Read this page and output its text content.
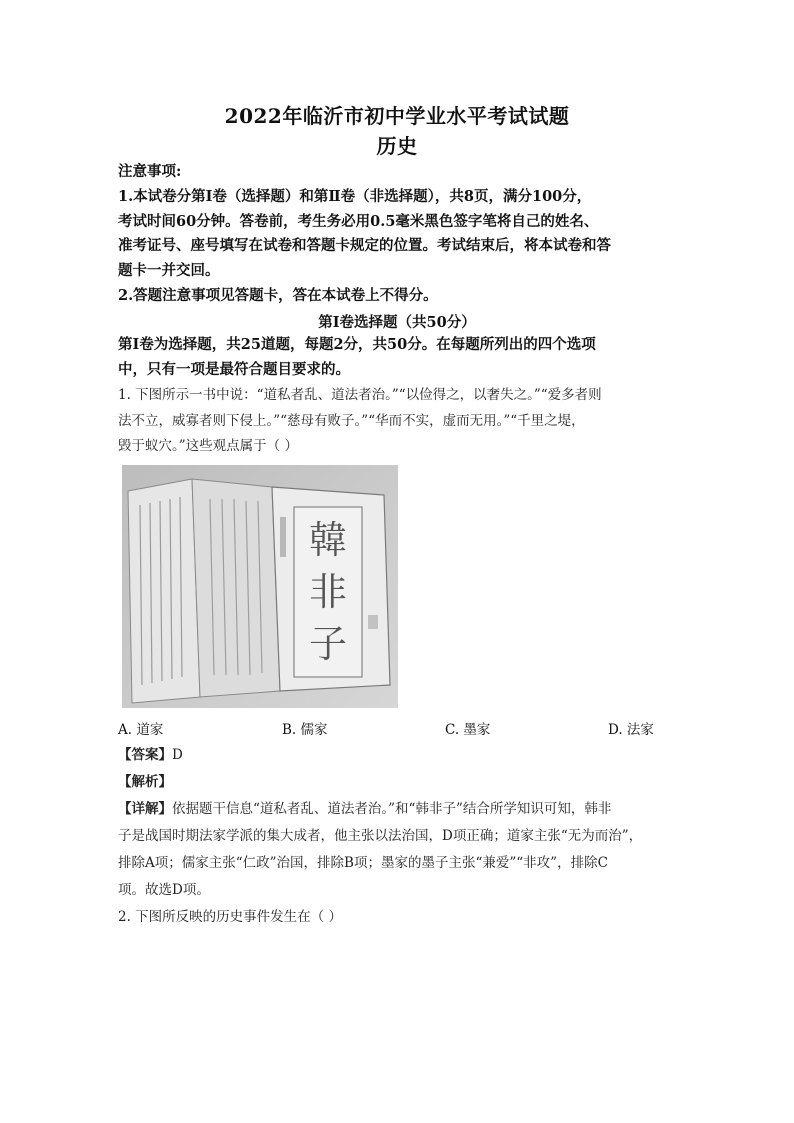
2022年临沂市初中学业水平考试试题
历史
注意事项:
1.本试卷分第Ⅰ卷（选择题）和第Ⅱ卷（非选择题），共8页，满分100分，
考试时间60分钟。答卷前，考生务必用0.5毫米黑色签字笔将自己的姓名、
准考证号、座号填写在试卷和答题卡规定的位置。考试结束后，将本试卷和答
题卡一并交回。
2.答题注意事项见答题卡，答在本试卷上不得分。
第Ⅰ卷选择题（共50分）
第Ⅰ卷为选择题，共25道题，每题2分，共50分。在每题所列出的四个选项
中，只有一项是最符合题目要求的。
1. 下图所示一书中说：“道私者乱、道法者治。”“以俭得之，以奢失之。”“爱多者则
法不立，威寡者则下侵上。”“慈母有败子。”“华而不实，虚而无用。”“千里之堤，
毁于蚁穴。”这些观点属于（ ）
韓
非
子
A. 道家	B. 儒家	C. 墨家	D. 法家
【答案】D
【解析】
【详解】依据题干信息“道私者乱、道法者治。”和“韩非子”结合所学知识可知，韩非
子是战国时期法家学派的集大成者，他主张以法治国，D项正确；道家主张“无为而治”，
排除A项；儒家主张“仁政”治国，排除B项；墨家的墨子主张“兼爱”“非攻”，排除C
项。故选D项。
2. 下图所反映的历史事件发生在（ ）
